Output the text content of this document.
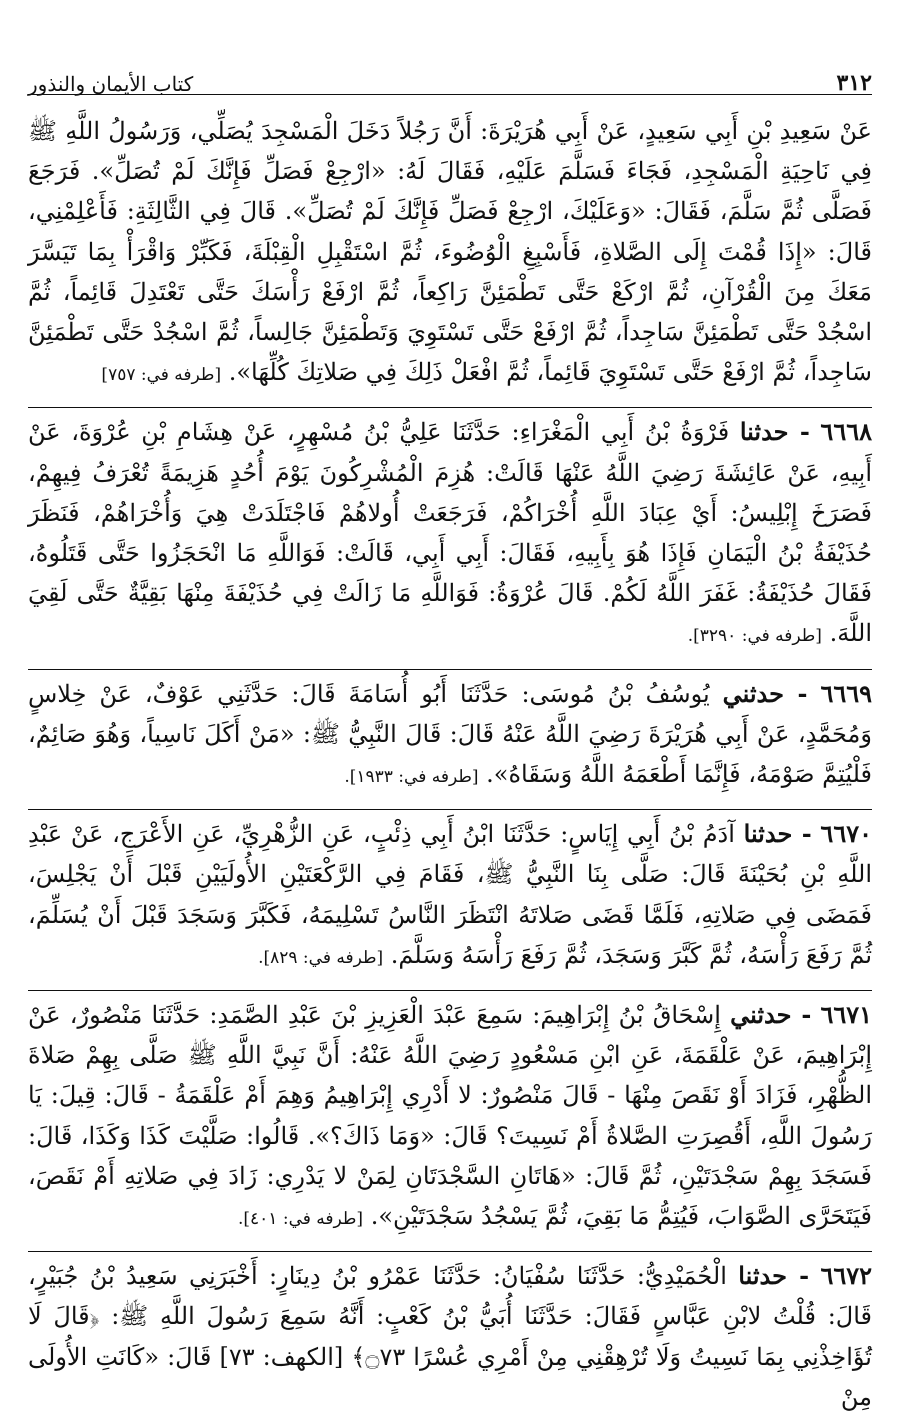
٣١٢
كتاب الأيمان والنذور

عَنْ سَعِيدِ بْنِ أَبِي سَعِيدٍ، عَنْ أَبِي هُرَيْرَةَ: أَنَّ رَجُلاً دَخَلَ الْمَسْجِدَ يُصَلِّي، وَرَسُولُ اللَّهِ ﷺ فِي نَاحِيَةِ الْمَسْجِدِ، فَجَاءَ فَسَلَّمَ عَلَيْهِ، فَقَالَ لَهُ: «ارْجِعْ فَصَلِّ فَإِنَّكَ لَمْ تُصَلِّ». فَرَجَعَ فَصَلَّى ثُمَّ سَلَّمَ، فَقَالَ: «وَعَلَيْكَ، ارْجِعْ فَصَلِّ فَإِنَّكَ لَمْ تُصَلِّ». قَالَ فِي الثَّالِثَةِ: فَأَعْلِمْنِي، قَالَ: «إِذَا قُمْتَ إِلَى الصَّلاةِ، فَأَسْبِغِ الْوُضُوءَ، ثُمَّ اسْتَقْبِلِ الْقِبْلَةَ، فَكَبِّرْ وَاقْرَأْ بِمَا تَيَسَّرَ مَعَكَ مِنَ الْقُرْآنِ، ثُمَّ ارْكَعْ حَتَّى تَطْمَئِنَّ رَاكِعاً، ثُمَّ ارْفَعْ رَأْسَكَ حَتَّى تَعْتَدِلَ قَائِماً، ثُمَّ اسْجُدْ حَتَّى تَطْمَئِنَّ سَاجِداً، ثُمَّ ارْفَعْ حَتَّى تَسْتَوِيَ وَتَطْمَئِنَّ جَالِساً، ثُمَّ اسْجُدْ حَتَّى تَطْمَئِنَّ سَاجِداً، ثُمَّ ارْفَعْ حَتَّى تَسْتَوِيَ قَائِماً، ثُمَّ افْعَلْ ذَلِكَ فِي صَلاتِكَ كُلِّهَا». [طرفه في: ٧٥٧]

٦٦٦٨ - حدثنا فَرْوَةُ بْنُ أَبِي الْمَغْرَاءِ: حَدَّثَنَا عَلِيُّ بْنُ مُسْهِرٍ، عَنْ هِشَامِ بْنِ عُرْوَةَ، عَنْ أَبِيهِ، عَنْ عَائِشَةَ رَضِيَ اللَّهُ عَنْهَا قَالَتْ: هُزِمَ الْمُشْرِكُونَ يَوْمَ أُحُدٍ هَزِيمَةً تُعْرَفُ فِيهِمْ، فَصَرَخَ إِبْلِيسُ: أَيْ عِبَادَ اللَّهِ أُخْرَاكُمْ، فَرَجَعَتْ أُولاهُمْ فَاجْتَلَدَتْ هِيَ وَأُخْرَاهُمْ، فَنَظَرَ حُذَيْفَةُ بْنُ الْيَمَانِ فَإِذَا هُوَ بِأَبِيهِ، فَقَالَ: أَبِي أَبِي، قَالَتْ: فَوَاللَّهِ مَا انْحَجَزُوا حَتَّى قَتَلُوهُ، فَقَالَ حُذَيْفَةُ: غَفَرَ اللَّهُ لَكُمْ. قَالَ عُرْوَةُ: فَوَاللَّهِ مَا زَالَتْ فِي حُذَيْفَةَ مِنْهَا بَقِيَّةٌ حَتَّى لَقِيَ اللَّهَ. [طرفه في: ٣٢٩٠].

٦٦٦٩ - حدثني يُوسُفُ بْنُ مُوسَى: حَدَّثَنَا أَبُو أُسَامَةَ قَالَ: حَدَّثَنِي عَوْفٌ، عَنْ خِلاسٍ وَمُحَمَّدٍ، عَنْ أَبِي هُرَيْرَةَ رَضِيَ اللَّهُ عَنْهُ قَالَ: قَالَ النَّبِيُّ ﷺ: «مَنْ أَكَلَ نَاسِياً، وَهُوَ صَائِمٌ، فَلْيُتِمَّ صَوْمَهُ، فَإِنَّمَا أَطْعَمَهُ اللَّهُ وَسَقَاهُ». [طرفه في: ١٩٣٣].

٦٦٧٠ - حدثنا آدَمُ بْنُ أَبِي إِيَاسٍ: حَدَّثَنَا ابْنُ أَبِي ذِئْبٍ، عَنِ الزُّهْرِيِّ، عَنِ الأَعْرَجِ، عَنْ عَبْدِ اللَّهِ بْنِ بُحَيْنَةَ قَالَ: صَلَّى بِنَا النَّبِيُّ ﷺ، فَقَامَ فِي الرَّكْعَتَيْنِ الأُولَيَيْنِ قَبْلَ أَنْ يَجْلِسَ، فَمَضَى فِي صَلاتِهِ، فَلَمَّا قَضَى صَلاتَهُ انْتَظَرَ النَّاسُ تَسْلِيمَهُ، فَكَبَّرَ وَسَجَدَ قَبْلَ أَنْ يُسَلِّمَ، ثُمَّ رَفَعَ رَأْسَهُ، ثُمَّ كَبَّرَ وَسَجَدَ، ثُمَّ رَفَعَ رَأْسَهُ وَسَلَّمَ. [طرفه في: ٨٢٩].

٦٦٧١ - حدثني إِسْحَاقُ بْنُ إِبْرَاهِيمَ: سَمِعَ عَبْدَ الْعَزِيزِ بْنَ عَبْدِ الصَّمَدِ: حَدَّثَنَا مَنْصُورٌ، عَنْ إِبْرَاهِيمَ، عَنْ عَلْقَمَةَ، عَنِ ابْنِ مَسْعُودٍ رَضِيَ اللَّهُ عَنْهُ: أَنَّ نَبِيَّ اللَّهِ ﷺ صَلَّى بِهِمْ صَلاةَ الظُّهْرِ، فَزَادَ أَوْ نَقَصَ مِنْهَا - قَالَ مَنْصُورٌ: لا أَدْرِي إِبْرَاهِيمُ وَهِمَ أَمْ عَلْقَمَةُ - قَالَ: قِيلَ: يَا رَسُولَ اللَّهِ، أَقُصِرَتِ الصَّلاةُ أَمْ نَسِيتَ؟ قَالَ: «وَمَا ذَاكَ؟». قَالُوا: صَلَّيْتَ كَذَا وَكَذَا، قَالَ: فَسَجَدَ بِهِمْ سَجْدَتَيْنِ، ثُمَّ قَالَ: «هَاتَانِ السَّجْدَتَانِ لِمَنْ لا يَدْرِي: زَادَ فِي صَلاتِهِ أَمْ نَقَصَ، فَيَتَحَرَّى الصَّوَابَ، فَيُتِمُّ مَا بَقِيَ، ثُمَّ يَسْجُدُ سَجْدَتَيْنِ». [طرفه في: ٤٠١].

٦٦٧٢ - حدثنا الْحُمَيْدِيُّ: حَدَّثَنَا سُفْيَانُ: حَدَّثَنَا عَمْرُو بْنُ دِينَارٍ: أَخْبَرَنِي سَعِيدُ بْنُ جُبَيْرٍ، قَالَ: قُلْتُ لابْنِ عَبَّاسٍ فَقَالَ: حَدَّثَنَا أُبَيُّ بْنُ كَعْبٍ: أَنَّهُ سَمِعَ رَسُولَ اللَّهِ ﷺ: ﴿قَالَ لَا تُؤَاخِذْنِي بِمَا نَسِيتُ وَلَا تُرْهِقْنِي مِنْ أَمْرِي عُسْرًا ۝٧٣﴾ [الكهف: ٧٣] قَالَ: «كَانَتِ الأُولَى مِنْ
